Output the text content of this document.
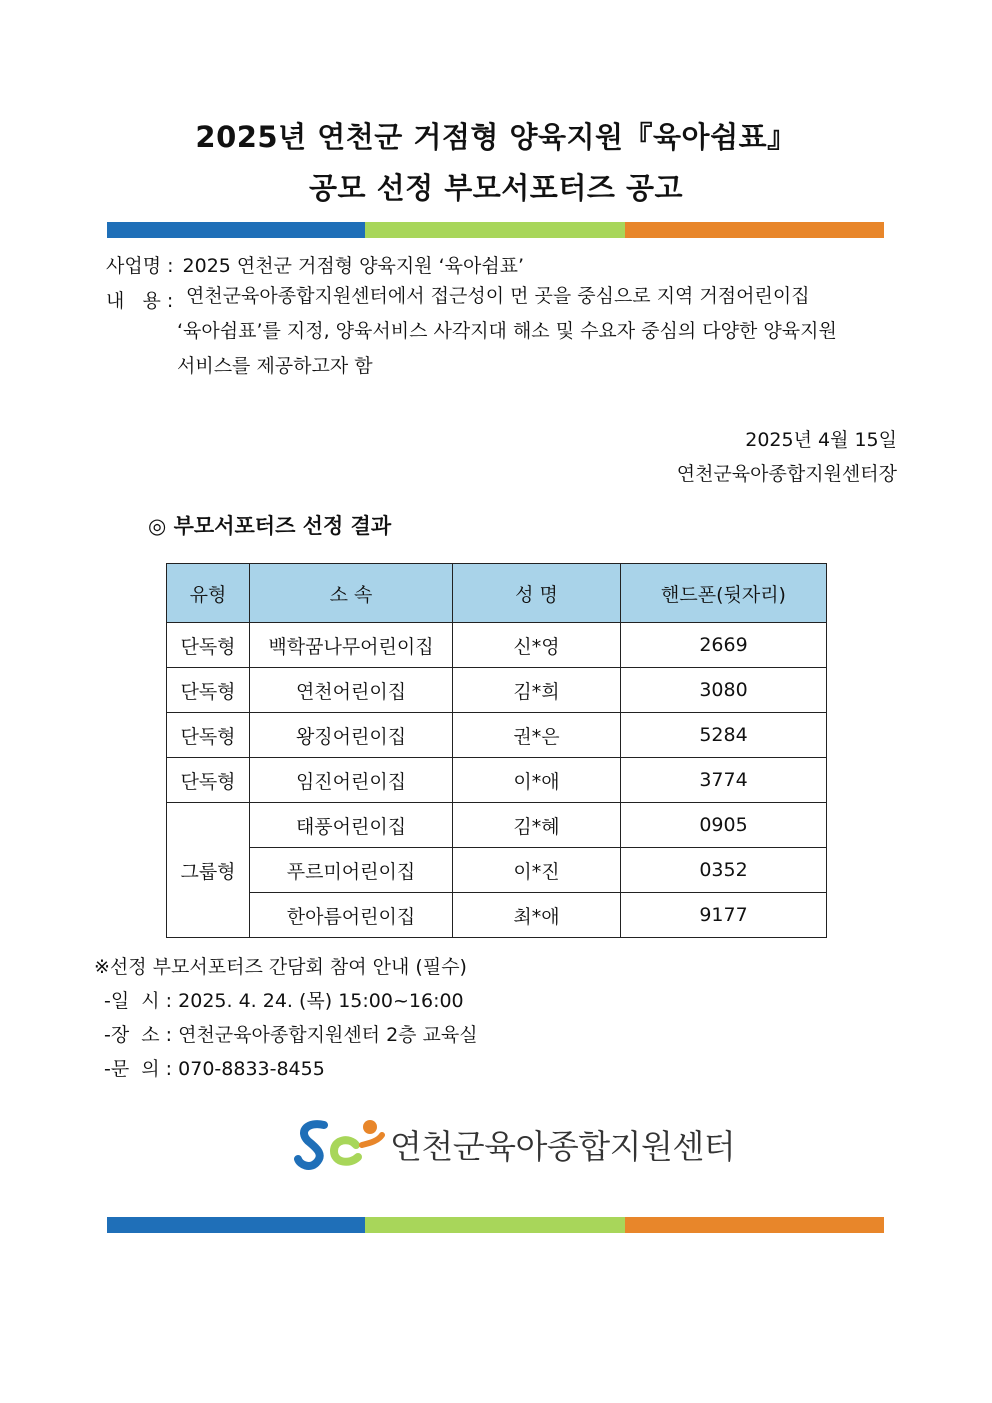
2025년 연천군 거점형 양육지원『육아쉼표』
공모 선정 부모서포터즈 공고
사업명 : 2025 연천군 거점형 양육지원 ‘육아쉼표’
내   용 : 연천군육아종합지원센터에서 접근성이 먼 곳을 중심으로 지역 거점어린이집
‘육아쉼표’를 지정, 양육서비스 사각지대 해소 및 수요자 중심의 다양한 양육지원
서비스를 제공하고자 함
2025년 4월 15일
연천군육아종합지원센터장
◎ 부모서포터즈 선정 결과
유형	소 속	성 명	핸드폰(뒷자리)
단독형	백학꿈나무어린이집	신*영	2669
단독형	연천어린이집	김*희	3080
단독형	왕징어린이집	권*은	5284
단독형	임진어린이집	이*애	3774
그룹형	태풍어린이집	김*혜	0905
	푸르미어린이집	이*진	0352
	한아름어린이집	최*애	9177
※선정 부모서포터즈 간담회 참여 안내 (필수)
-일  시 : 2025. 4. 24. (목) 15:00~16:00
-장  소 : 연천군육아종합지원센터 2층 교육실
-문  의 : 070-8833-8455
연천군육아종합지원센터
